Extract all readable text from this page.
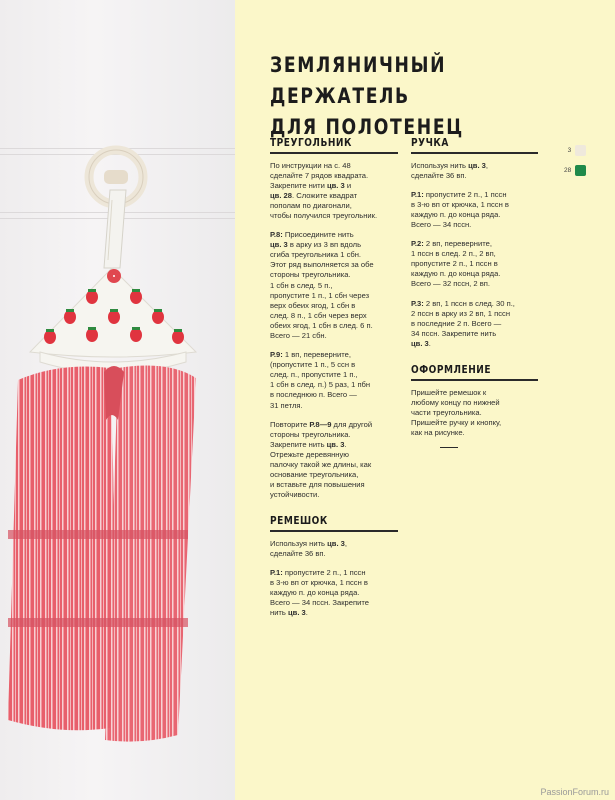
ЗЕМЛЯНИЧНЫЙ ДЕРЖАТЕЛЬ
ДЛЯ ПОЛОТЕНЕЦ
3
28
ТРЕУГОЛЬНИК

По инструкции на с. 48
сделайте 7 рядов квадрата.
Закрепите нити цв. 3 и
цв. 28. Сложите квадрат
пополам по диагонали,
чтобы получился треугольник.

Р.8: Присоедините нить
цв. 3 в арку из 3 вп вдоль
сгиба треугольника 1 сбн.
Этот ряд выполняется за обе
стороны треугольника.
1 сбн в след. 5 п.,
пропустите 1 п., 1 сбн через
верх обеих ягод, 1 сбн в
след. 8 п., 1 сбн через верх
обеих ягод, 1 сбн в след. 6 п.
Всего — 21 сбн.

Р.9: 1 вп, переверните,
(пропустите 1 п., 5 ссн в
след. п., пропустите 1 п.,
1 сбн в след. п.) 5 раз, 1 пбн
в последнюю п. Всего —
31 петля.

Повторите Р.8—9 для другой
стороны треугольника.
Закрепите нить цв. 3.
Отрежьте деревянную
палочку такой же длины, как
основание треугольника,
и вставьте для повышения
устойчивости.

РЕМЕШОК

Используя нить цв. 3,
сделайте 36 вп.

Р.1: пропустите 2 п., 1 пссн
в 3-ю вп от крючка, 1 пссн в
каждую п. до конца ряда.
Всего — 34 пссн. Закрепите
нить цв. 3.

РУЧКА

Используя нить цв. 3,
сделайте 36 вп.

Р.1: пропустите 2 п., 1 пссн
в 3-ю вп от крючка, 1 пссн в
каждую п. до конца ряда.
Всего — 34 пссн.

Р.2: 2 вп, переверните,
1 пссн в след. 2 п., 2 вп,
пропустите 2 п., 1 пссн в
каждую п. до конца ряда.
Всего — 32 пссн, 2 вп.

Р.3: 2 вп, 1 пссн в след. 30 п.,
2 пссн в арку из 2 вп, 1 пссн
в последние 2 п. Всего —
34 пссн. Закрепите нить
цв. 3.

ОФОРМЛЕНИЕ

Пришейте ремешок к
любому концу по нижней
части треугольника.
Пришейте ручку и кнопку,
как на рисунке.

PassionForum.ru
